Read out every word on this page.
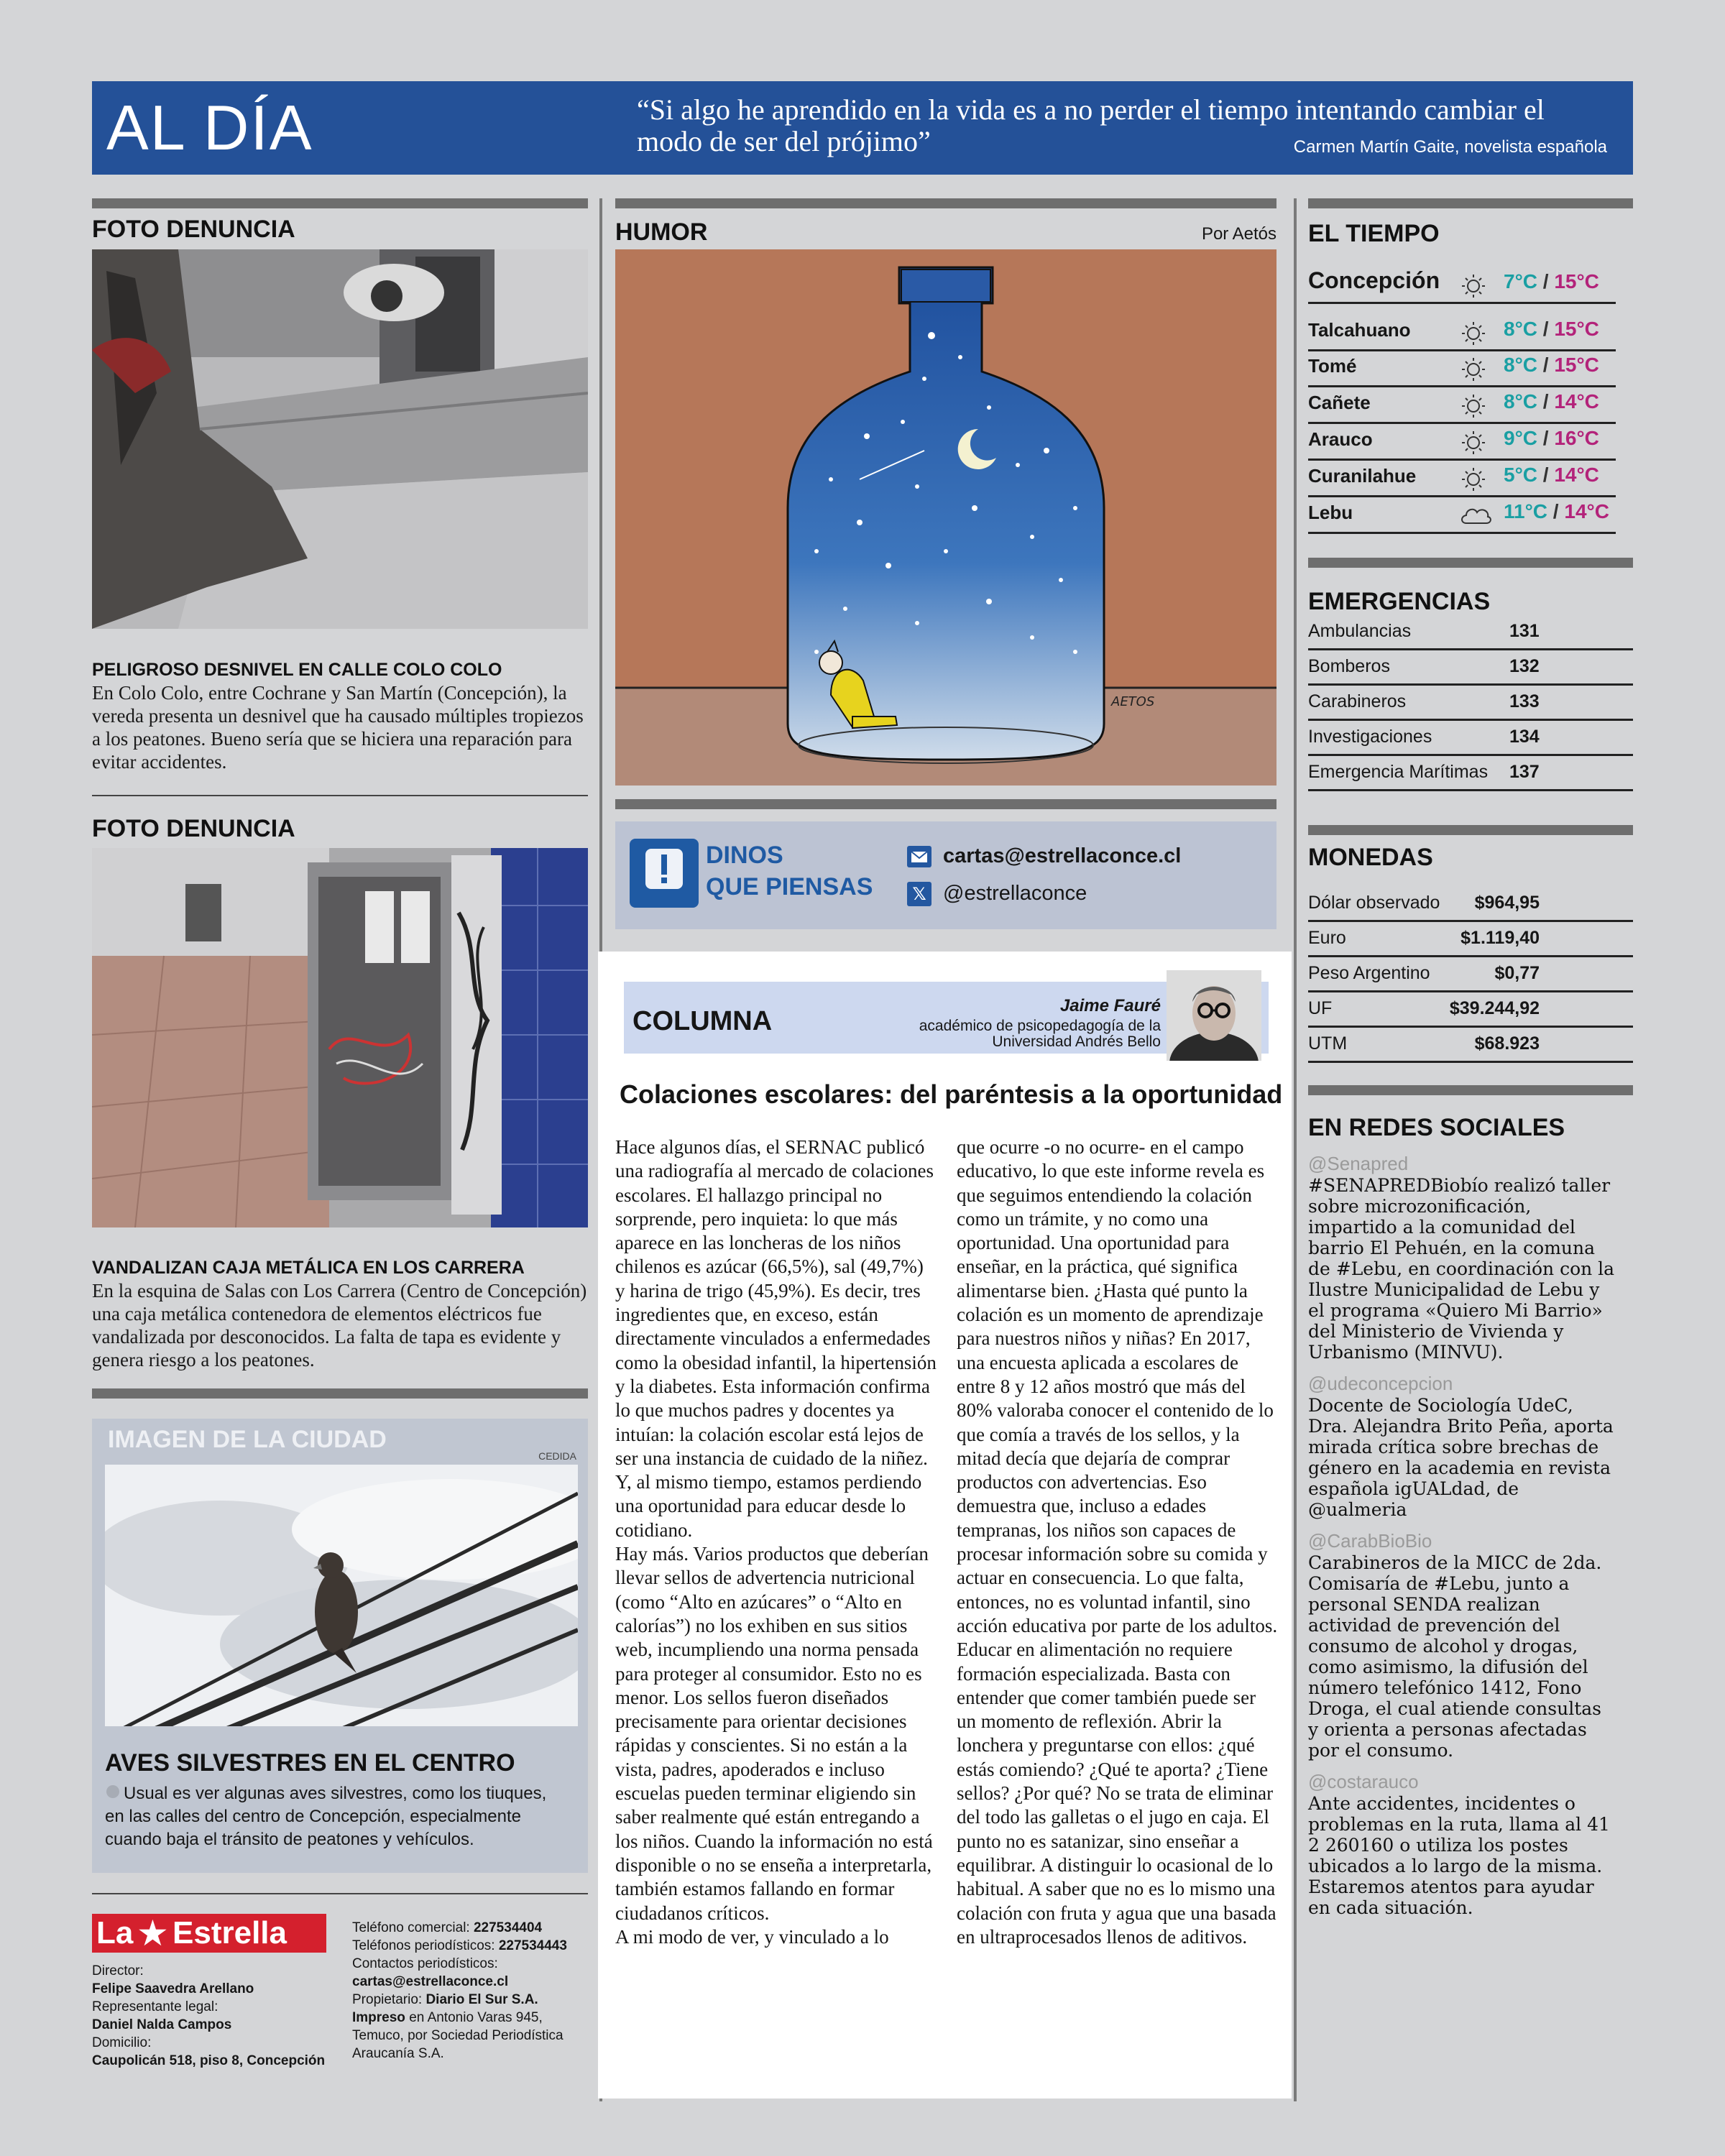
AL DÍA	“Si algo he aprendido en la vida es a no perder el tiempo intentando cambiar el modo de ser del prójimo”	Carmen Martín Gaite, novelista española
FOTO DENUNCIA
PELIGROSO DESNIVEL EN CALLE COLO COLO
En Colo Colo, entre Cochrane y San Martín (Concepción), la vereda presenta un desnivel que ha causado múltiples tropiezos a los peatones. Bueno sería que se hiciera una reparación para evitar accidentes.
FOTO DENUNCIA
VANDALIZAN CAJA METÁLICA EN LOS CARRERA
En la esquina de Salas con Los Carrera (Centro de Concepción) una caja metálica contenedora de elementos eléctricos fue vandalizada por desconocidos. La falta de tapa es evidente y genera riesgo a los peatones.
IMAGEN DE LA CIUDAD
CEDIDA
AVES SILVESTRES EN EL CENTRO
Usual es ver algunas aves silvestres, como los tiuques, en las calles del centro de Concepción, especialmente cuando baja el tránsito de peatones y vehículos.
La ★ Estrella
Director:
Felipe Saavedra Arellano
Representante legal:
Daniel Nalda Campos
Domicilio:
Caupolicán 518, piso 8, Concepción
Teléfono comercial: 227534404
Teléfonos periodísticos: 227534443
Contactos periodísticos:
cartas@estrellaconce.cl
Propietario: Diario El Sur S.A.
Impreso en Antonio Varas 945, Temuco, por Sociedad Periodística Araucanía S.A.
HUMOR	Por Aetós
AETOS
DINOS
QUE PIENSAS
cartas@estrellaconce.cl
𝕏 @estrellaconce
COLUMNA
Jaime Fauré
académico de psicopedagogía de la
Universidad Andrés Bello
Colaciones escolares: del paréntesis a la oportunidad
Hace algunos días, el SERNAC publicó una radiografía al mercado de colaciones escolares. El hallazgo principal no sorprende, pero inquieta: lo que más aparece en las loncheras de los niños chilenos es azúcar (66,5%), sal (49,7%) y harina de trigo (45,9%). Es decir, tres ingredientes que, en exceso, están directamente vinculados a enfermedades como la obesidad infantil, la hipertensión y la diabetes. Esta información confirma lo que muchos padres y docentes ya intuían: la colación escolar está lejos de ser una instancia de cuidado de la niñez. Y, al mismo tiempo, estamos perdiendo una oportunidad para educar desde lo cotidiano.
Hay más. Varios productos que deberían llevar sellos de advertencia nutricional (como “Alto en azúcares” o “Alto en calorías”) no los exhiben en sus sitios web, incumpliendo una norma pensada para proteger al consumidor. Esto no es menor. Los sellos fueron diseñados precisamente para orientar decisiones rápidas y conscientes. Si no están a la vista, padres, apoderados e incluso escuelas pueden terminar eligiendo sin saber realmente qué están entregando a los niños. Cuando la información no está disponible o no se enseña a interpretarla, también estamos fallando en formar ciudadanos críticos.
A mi modo de ver, y vinculado a lo
que ocurre -o no ocurre- en el campo educativo, lo que este informe revela es que seguimos entendiendo la colación como un trámite, y no como una oportunidad. Una oportunidad para enseñar, en la práctica, qué significa alimentarse bien. ¿Hasta qué punto la colación es un momento de aprendizaje para nuestros niños y niñas? En 2017, una encuesta aplicada a escolares de entre 8 y 12 años mostró que más del 80% valoraba conocer el contenido de lo que comía a través de los sellos, y la mitad decía que dejaría de comprar productos con advertencias. Eso demuestra que, incluso a edades tempranas, los niños son capaces de procesar información sobre su comida y actuar en consecuencia. Lo que falta, entonces, no es voluntad infantil, sino acción educativa por parte de los adultos.
Educar en alimentación no requiere formación especializada. Basta con entender que comer también puede ser un momento de reflexión. Abrir la lonchera y preguntarse con ellos: ¿qué estás comiendo? ¿Qué te aporta? ¿Tiene sellos? ¿Por qué? No se trata de eliminar del todo las galletas o el jugo en caja. El punto no es satanizar, sino enseñar a equilibrar. A distinguir lo ocasional de lo habitual. A saber que no es lo mismo una colación con fruta y agua que una basada en ultraprocesados llenos de aditivos.
EL TIEMPO
Concepción	7°C / 15°C
Talcahuano	8°C / 15°C
Tomé	8°C / 15°C
Cañete	8°C / 14°C
Arauco	9°C / 16°C
Curanilahue	5°C / 14°C
Lebu	11°C / 14°C
EMERGENCIAS
Ambulancias	131
Bomberos	132
Carabineros	133
Investigaciones	134
Emergencia Marítimas 137
MONEDAS
Dólar observado $964,95
Euro	$1.119,40
Peso Argentino	$0,77
UF	$39.244,92
UTM	$68.923
EN REDES SOCIALES
@Senapred
#SENAPREDBiobío realizó taller sobre microzonificación, impartido a la comunidad del barrio El Pehuén, en la comuna de #Lebu, en coordinación con la Ilustre Municipalidad de Lebu y el programa «Quiero Mi Barrio» del Ministerio de Vivienda y Urbanismo (MINVU).
@udeconcepcion
Docente de Sociología UdeC, Dra. Alejandra Brito Peña, aporta mirada crítica sobre brechas de género en la academia en revista española igUALdad, de @ualmeria
@CarabBioBio
Carabineros de la MICC de 2da. Comisaría de #Lebu, junto a personal SENDA realizan actividad de prevención del consumo de alcohol y drogas, como asimismo, la difusión del número telefónico 1412, Fono Droga, el cual atiende consultas y orienta a personas afectadas por el consumo.
@costarauco
Ante accidentes, incidentes o problemas en la ruta, llama al 41 2 260160 o utiliza los postes ubicados a lo largo de la misma. Estaremos atentos para ayudar en cada situación.
